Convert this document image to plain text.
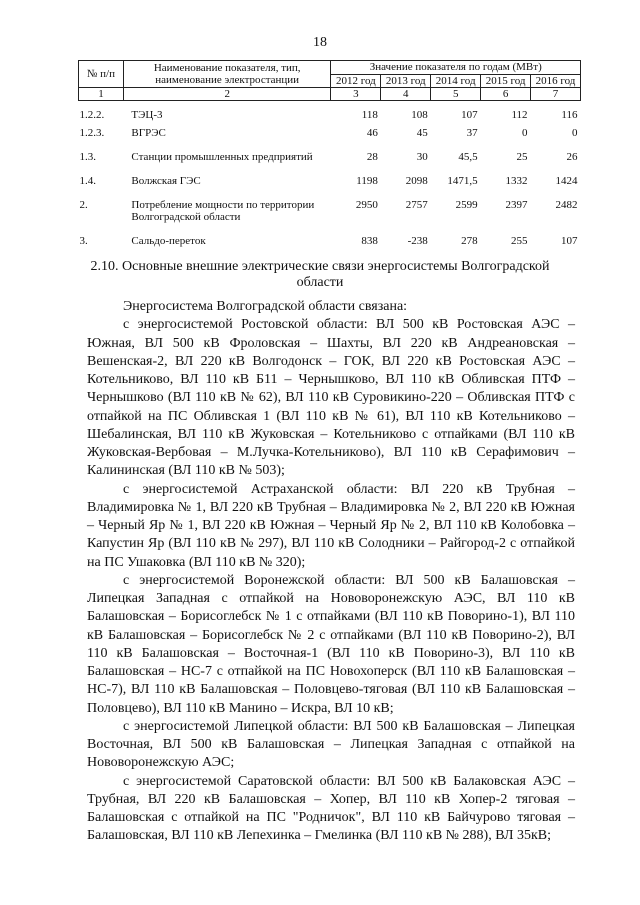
18
№ п/п	Наименование показателя, тип, наименование электростанции	Значение показателя по годам (МВт)				
		2012 год	2013 год	2014 год	2015 год	2016 год
1	2	3	4	5	6	7
1.2.2.	ТЭЦ-3	118	108	107	112	116
1.2.3.	ВГРЭС	46	45	37	0	0
1.3.	Станции промышленных предприятий	28	30	45,5	25	26
1.4.	Волжская ГЭС	1198	2098	1471,5	1332	1424
2.	Потребление мощности по территории Волгоградской области	2950	2757	2599	2397	2482
3.	Сальдо-переток	838	-238	278	255	107
2.10. Основные внешние электрические связи энергосистемы Волгоградской области

Энергосистема Волгоградской области связана:

с энергосистемой Ростовской области: ВЛ 500 кВ Ростовская АЭС – Южная, ВЛ 500 кВ Фроловская – Шахты, ВЛ 220 кВ Андреановская – Вешенская-2, ВЛ 220 кВ Волгодонск – ГОК, ВЛ 220 кВ Ростовская АЭС – Котельниково, ВЛ 110 кВ Б11 – Чернышково, ВЛ 110 кВ Обливская ПТФ – Чернышково (ВЛ 110 кВ № 62), ВЛ 110 кВ Суровикино-220 – Обливская ПТФ с отпайкой на ПС Обливская 1 (ВЛ 110 кВ № 61), ВЛ 110 кВ Котельниково – Шебалинская, ВЛ 110 кВ Жуковская – Котельниково с отпайками (ВЛ 110 кВ Жуковская-Вербовая – М.Лучка-Котельниково), ВЛ 110 кВ Серафимович – Калининская (ВЛ 110 кВ № 503);

с энергосистемой Астраханской области: ВЛ 220 кВ Трубная – Владимировка № 1, ВЛ 220 кВ Трубная – Владимировка № 2, ВЛ 220 кВ Южная – Черный Яр № 1, ВЛ 220 кВ Южная – Черный Яр № 2, ВЛ 110 кВ Колобовка – Капустин Яр (ВЛ 110 кВ № 297), ВЛ 110 кВ Солодники – Райгород-2 с отпайкой на ПС Ушаковка (ВЛ 110 кВ № 320);

с энергосистемой Воронежской области: ВЛ 500 кВ Балашовская – Липецкая Западная с отпайкой на Нововоронежскую АЭС, ВЛ 110 кВ Балашовская – Борисоглебск № 1 с отпайками (ВЛ 110 кВ Поворино-1), ВЛ 110 кВ Балашовская – Борисоглебск № 2 с отпайками (ВЛ 110 кВ Поворино-2), ВЛ 110 кВ Балашовская – Восточная-1 (ВЛ 110 кВ Поворино-3), ВЛ 110 кВ Балашовская – НС-7 с отпайкой на ПС Новохоперск (ВЛ 110 кВ Балашовская – НС-7), ВЛ 110 кВ Балашовская – Половцево-тяговая (ВЛ 110 кВ Балашовская – Половцево), ВЛ 110 кВ Манино – Искра, ВЛ 10 кВ;

с энергосистемой Липецкой области: ВЛ 500 кВ Балашовская – Липецкая Восточная, ВЛ 500 кВ Балашовская – Липецкая Западная с отпайкой на Нововоронежскую АЭС;

с энергосистемой Саратовской области: ВЛ 500 кВ Балаковская АЭС – Трубная, ВЛ 220 кВ Балашовская – Хопер, ВЛ 110 кВ Хопер-2 тяговая – Балашовская с отпайкой на ПС "Родничок", ВЛ 110 кВ Байчурово тяговая – Балашовская, ВЛ 110 кВ Лепехинка – Гмелинка (ВЛ 110 кВ № 288), ВЛ 35кВ;
